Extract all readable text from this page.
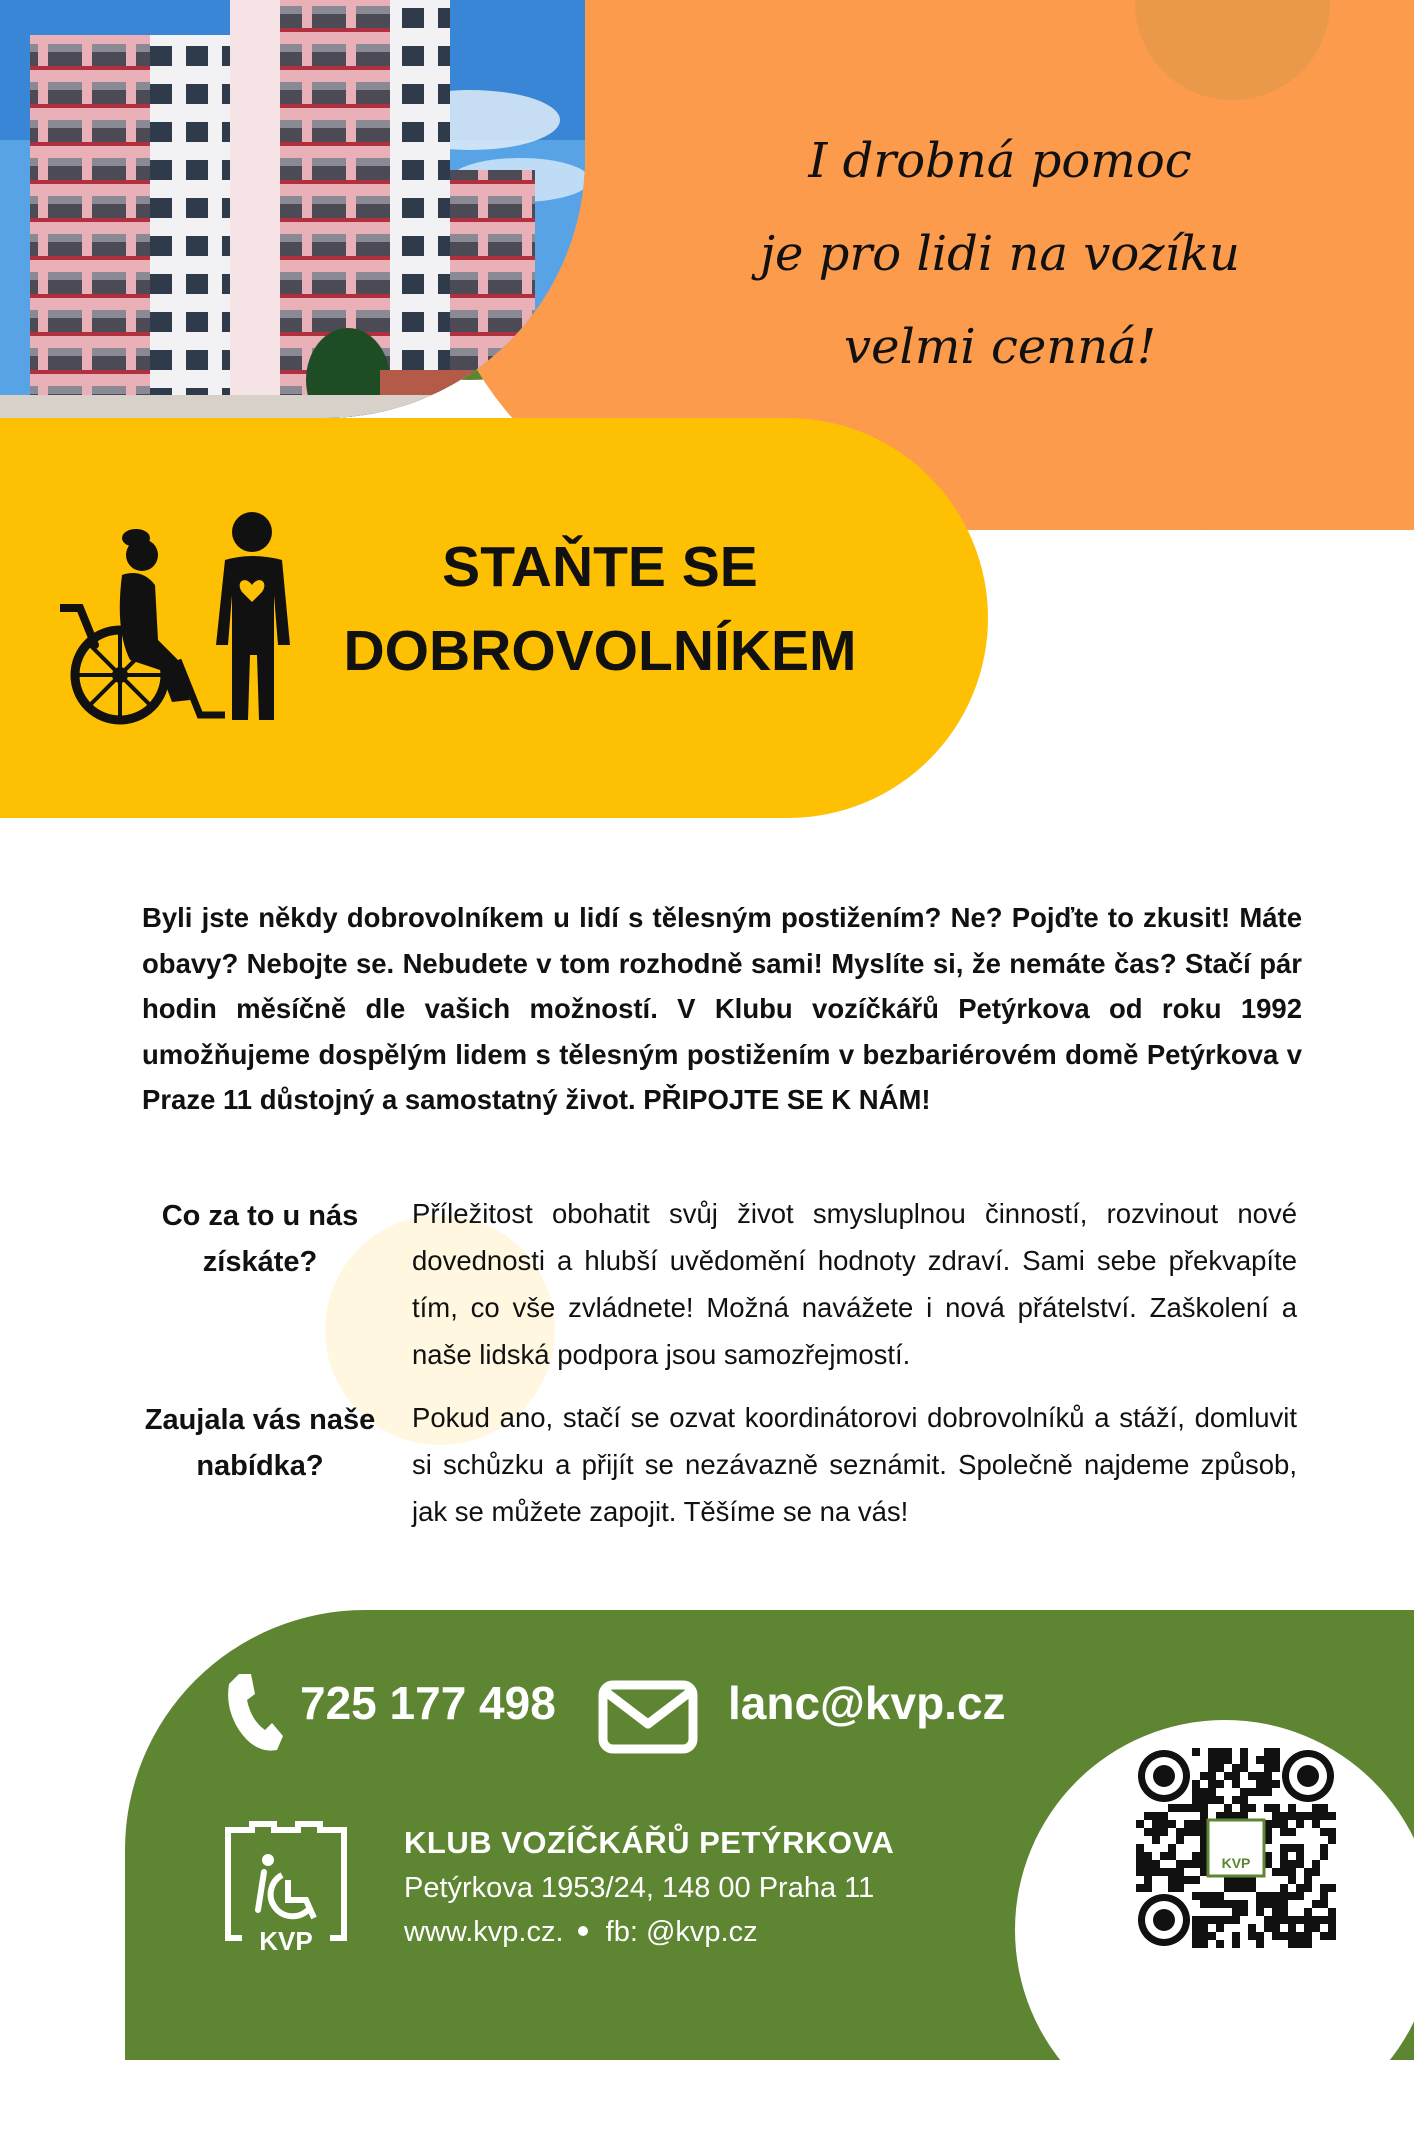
I drobná pomoc
je pro lidi na vozíku
velmi cenná!
STAŇTE SE
DOBROVOLNÍKEM
Byli jste někdy dobrovolníkem u lidí s tělesným postižením? Ne? Pojďte to zkusit! Máte obavy? Nebojte se. Nebudete v tom rozhodně sami! Myslíte si, že nemáte čas? Stačí pár hodin měsíčně dle vašich možností. V Klubu vozíčkářů Petýrkova od roku 1992 umožňujeme dospělým lidem s tělesným postižením v bezbariérovém domě Petýrkova v Praze 11 důstojný a samostatný život. PŘIPOJTE SE K NÁM!
Co za to u nás
získáte?
Příležitost obohatit svůj život smysluplnou činností, rozvinout nové dovednosti a hlubší uvědomění hodnoty zdraví. Sami sebe překvapíte tím, co vše zvládnete! Možná navážete i nová přátelství. Zaškolení a naše lidská podpora jsou samozřejmostí.
Zaujala vás naše
nabídka?
Pokud ano, stačí se ozvat koordinátorovi dobrovolníků a stáží, domluvit si schůzku a přijít se nezávazně seznámit. Společně najdeme způsob, jak se můžete zapojit. Těšíme se na vás!
725 177 498	lanc@kvp.cz
KVP
KLUB VOZÍČKÁŘŮ PETÝRKOVA
Petýrkova 1953/24, 148 00 Praha 11
www.kvp.cz. fb: @kvp.cz
KVP
